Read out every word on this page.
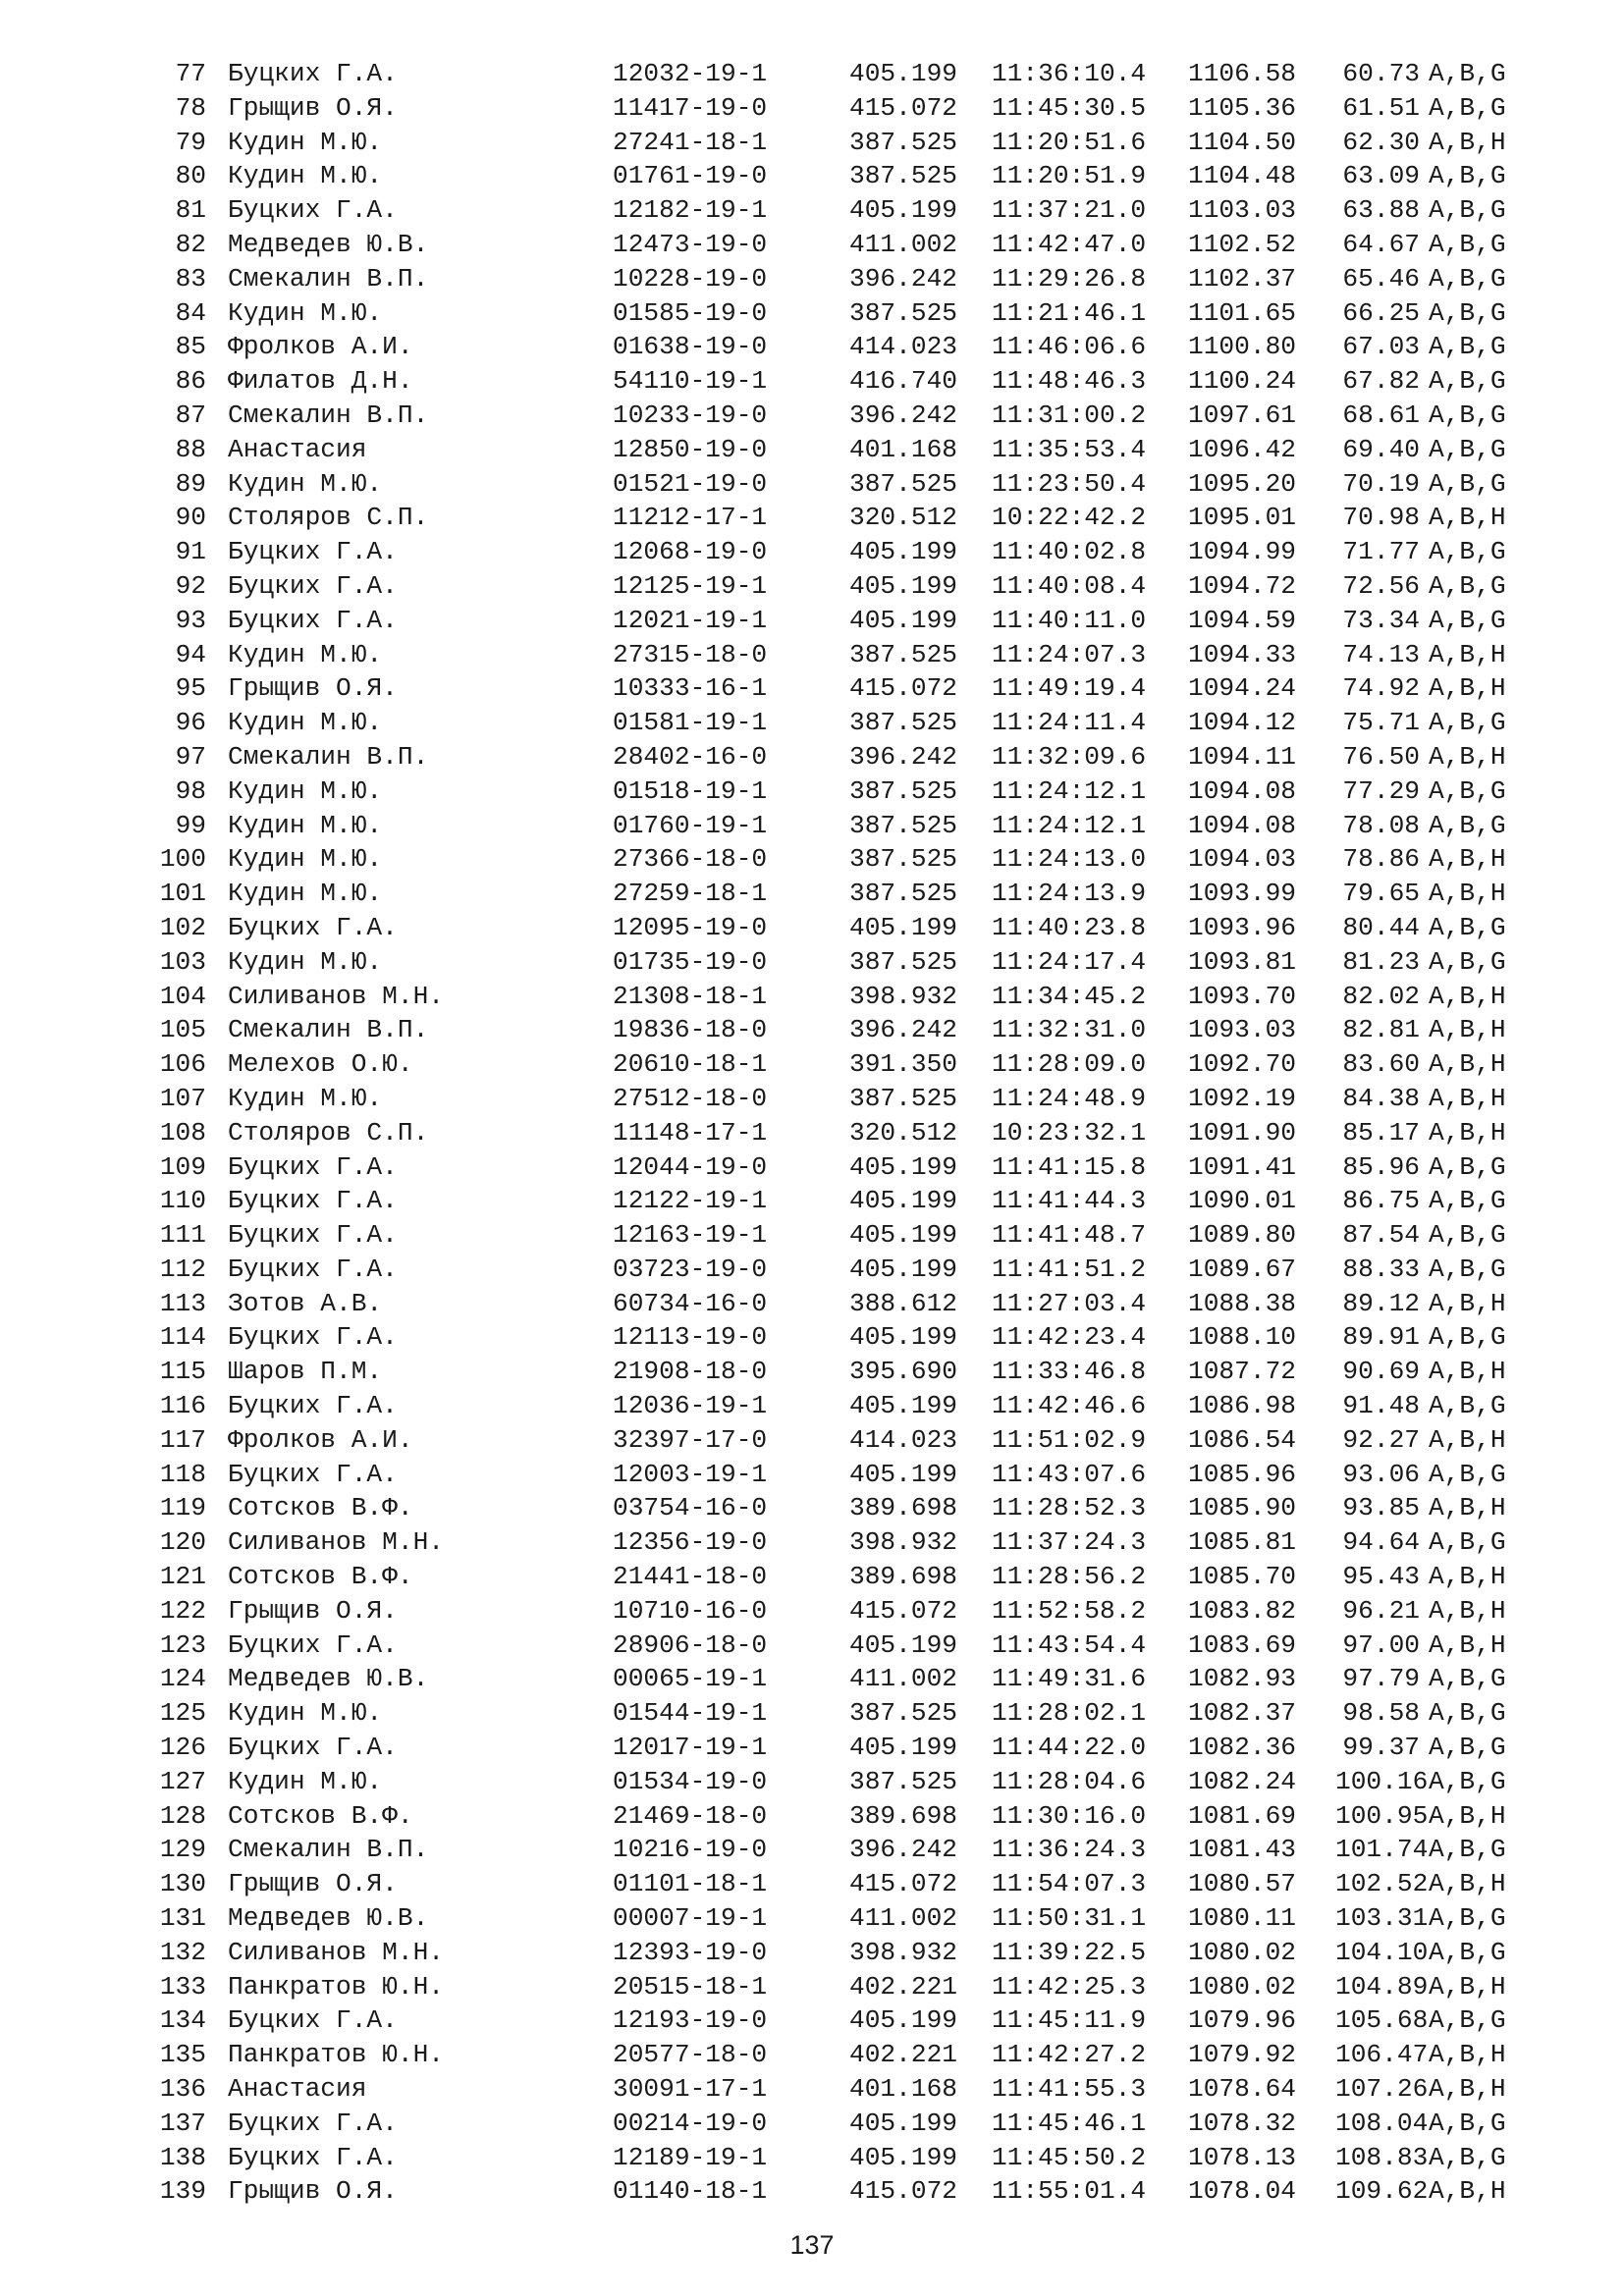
77 Буцких Г.А.	12032-19-1	405.199 11:36:10.4 1106.58 60.73 A,B,G
78 Грыщив О.Я.	11417-19-0	415.072 11:45:30.5 1105.36 61.51 A,B,G
79 Кудин М.Ю.	27241-18-1	387.525 11:20:51.6 1104.50 62.30 A,B,H
80 Кудин М.Ю.	01761-19-0	387.525 11:20:51.9 1104.48 63.09 A,B,G
81 Буцких Г.А.	12182-19-1	405.199 11:37:21.0 1103.03 63.88 A,B,G
82 Медведев Ю.В.	12473-19-0	411.002 11:42:47.0 1102.52 64.67 A,B,G
83 Смекалин В.П.	10228-19-0	396.242 11:29:26.8 1102.37 65.46 A,B,G
84 Кудин М.Ю.	01585-19-0	387.525 11:21:46.1 1101.65 66.25 A,B,G
85 Фролков А.И.	01638-19-0	414.023 11:46:06.6 1100.80 67.03 A,B,G
86 Филатов Д.Н.	54110-19-1	416.740 11:48:46.3 1100.24 67.82 A,B,G
87 Смекалин В.П.	10233-19-0	396.242 11:31:00.2 1097.61 68.61 A,B,G
88 Анастасия	12850-19-0	401.168 11:35:53.4 1096.42 69.40 A,B,G
89 Кудин М.Ю.	01521-19-0	387.525 11:23:50.4 1095.20 70.19 A,B,G
90 Столяров С.П.	11212-17-1	320.512 10:22:42.2 1095.01 70.98 A,B,H
91 Буцких Г.А.	12068-19-0	405.199 11:40:02.8 1094.99 71.77 A,B,G
92 Буцких Г.А.	12125-19-1	405.199 11:40:08.4 1094.72 72.56 A,B,G
93 Буцких Г.А.	12021-19-1	405.199 11:40:11.0 1094.59 73.34 A,B,G
94 Кудин М.Ю.	27315-18-0	387.525 11:24:07.3 1094.33 74.13 A,B,H
95 Грыщив О.Я.	10333-16-1	415.072 11:49:19.4 1094.24 74.92 A,B,H
96 Кудин М.Ю.	01581-19-1	387.525 11:24:11.4 1094.12 75.71 A,B,G
97 Смекалин В.П.	28402-16-0	396.242 11:32:09.6 1094.11 76.50 A,B,H
98 Кудин М.Ю.	01518-19-1	387.525 11:24:12.1 1094.08 77.29 A,B,G
99 Кудин М.Ю.	01760-19-1	387.525 11:24:12.1 1094.08 78.08 A,B,G
100 Кудин М.Ю.	27366-18-0	387.525 11:24:13.0 1094.03 78.86 A,B,H
101 Кудин М.Ю.	27259-18-1	387.525 11:24:13.9 1093.99 79.65 A,B,H
102 Буцких Г.А.	12095-19-0	405.199 11:40:23.8 1093.96 80.44 A,B,G
103 Кудин М.Ю.	01735-19-0	387.525 11:24:17.4 1093.81 81.23 A,B,G
104 Силиванов М.Н.	21308-18-1	398.932 11:34:45.2 1093.70 82.02 A,B,H
105 Смекалин В.П.	19836-18-0	396.242 11:32:31.0 1093.03 82.81 A,B,H
106 Мелехов О.Ю.	20610-18-1	391.350 11:28:09.0 1092.70 83.60 A,B,H
107 Кудин М.Ю.	27512-18-0	387.525 11:24:48.9 1092.19 84.38 A,B,H
108 Столяров С.П.	11148-17-1	320.512 10:23:32.1 1091.90 85.17 A,B,H
109 Буцких Г.А.	12044-19-0	405.199 11:41:15.8 1091.41 85.96 A,B,G
110 Буцких Г.А.	12122-19-1	405.199 11:41:44.3 1090.01 86.75 A,B,G
111 Буцких Г.А.	12163-19-1	405.199 11:41:48.7 1089.80 87.54 A,B,G
112 Буцких Г.А.	03723-19-0	405.199 11:41:51.2 1089.67 88.33 A,B,G
113 Зотов А.В.	60734-16-0	388.612 11:27:03.4 1088.38 89.12 A,B,H
114 Буцких Г.А.	12113-19-0	405.199 11:42:23.4 1088.10 89.91 A,B,G
115 Шаров П.М.	21908-18-0	395.690 11:33:46.8 1087.72 90.69 A,B,H
116 Буцких Г.А.	12036-19-1	405.199 11:42:46.6 1086.98 91.48 A,B,G
117 Фролков А.И.	32397-17-0	414.023 11:51:02.9 1086.54 92.27 A,B,H
118 Буцких Г.А.	12003-19-1	405.199 11:43:07.6 1085.96 93.06 A,B,G
119 Сотсков В.Ф.	03754-16-0	389.698 11:28:52.3 1085.90 93.85 A,B,H
120 Силиванов М.Н.	12356-19-0	398.932 11:37:24.3 1085.81 94.64 A,B,G
121 Сотсков В.Ф.	21441-18-0	389.698 11:28:56.2 1085.70 95.43 A,B,H
122 Грыщив О.Я.	10710-16-0	415.072 11:52:58.2 1083.82 96.21 A,B,H
123 Буцких Г.А.	28906-18-0	405.199 11:43:54.4 1083.69 97.00 A,B,H
124 Медведев Ю.В.	00065-19-1	411.002 11:49:31.6 1082.93 97.79 A,B,G
125 Кудин М.Ю.	01544-19-1	387.525 11:28:02.1 1082.37 98.58 A,B,G
126 Буцких Г.А.	12017-19-1	405.199 11:44:22.0 1082.36 99.37 A,B,G
127 Кудин М.Ю.	01534-19-0	387.525 11:28:04.6 1082.24 100.16 A,B,G
128 Сотсков В.Ф.	21469-18-0	389.698 11:30:16.0 1081.69 100.95 A,B,H
129 Смекалин В.П.	10216-19-0	396.242 11:36:24.3 1081.43 101.74 A,B,G
130 Грыщив О.Я.	01101-18-1	415.072 11:54:07.3 1080.57 102.52 A,B,H
131 Медведев Ю.В.	00007-19-1	411.002 11:50:31.1 1080.11 103.31 A,B,G
132 Силиванов М.Н.	12393-19-0	398.932 11:39:22.5 1080.02 104.10 A,B,G
133 Панкратов Ю.Н.	20515-18-1	402.221 11:42:25.3 1080.02 104.89 A,B,H
134 Буцких Г.А.	12193-19-0	405.199 11:45:11.9 1079.96 105.68 A,B,G
135 Панкратов Ю.Н.	20577-18-0	402.221 11:42:27.2 1079.92 106.47 A,B,H
136 Анастасия	30091-17-1	401.168 11:41:55.3 1078.64 107.26 A,B,H
137 Буцких Г.А.	00214-19-0	405.199 11:45:46.1 1078.32 108.04 A,B,G
138 Буцких Г.А.	12189-19-1	405.199 11:45:50.2 1078.13 108.83 A,B,G
139 Грыщив О.Я.	01140-18-1	415.072 11:55:01.4 1078.04 109.62 A,B,H
137
